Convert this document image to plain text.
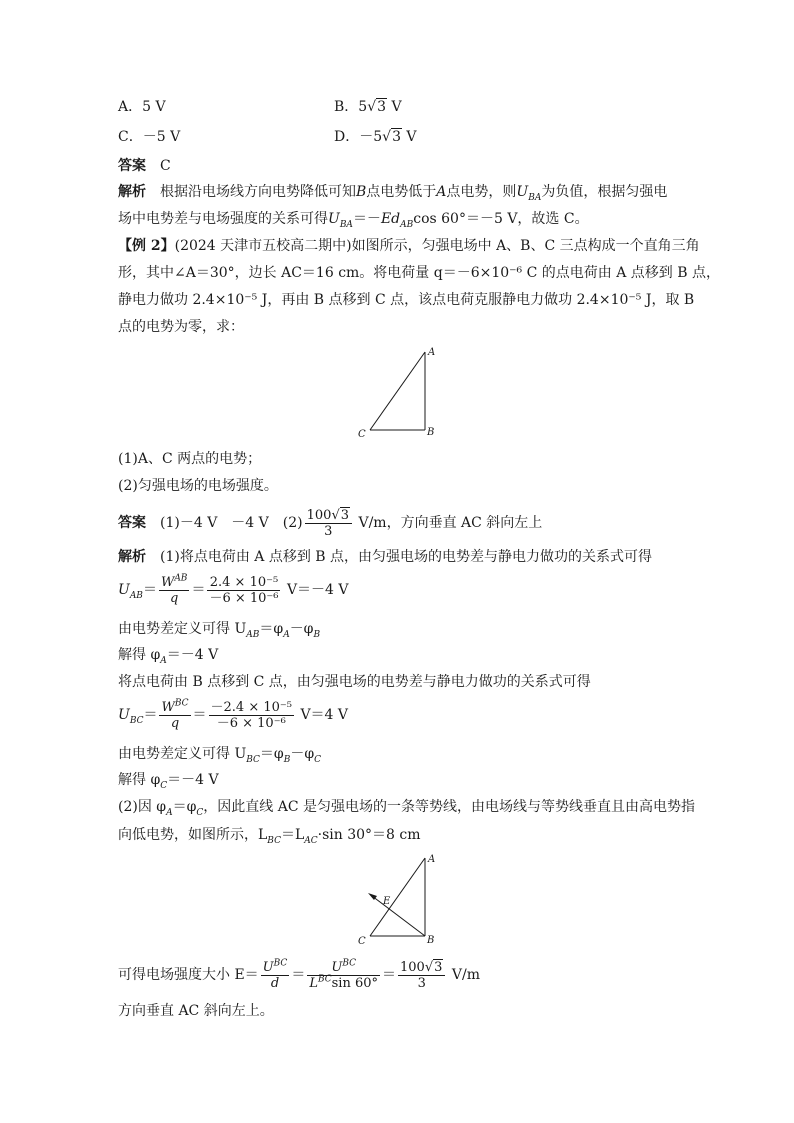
A．5 V	B．5√3 V
C．－5 V	D．－5√3 V
答案　 C
解析　 根据沿电场线方向电势降低可知B点电势低于A点电势，则$U_{BA}$为负值，根据匀强电
场中电势差与电场强度的关系可得$U_{BA}=-Ed_{AB}\cos$ 60°＝－5 V，故选 C。
【例 2】(2024 天津市五校高二期中)如图所示，匀强电场中 A、B、C 三点构成一个直角三角
形，其中∠A＝30°，边长 AC＝16 cm。将电荷量 q＝－6×10⁻⁶ C 的点电荷由 A 点移到 B 点，
静电力做功 2.4×10⁻⁵ J，再由 B 点移到 C 点，该点电荷克服静电力做功 2.4×10⁻⁵ J，取 B
点的电势为零，求：
A
B
C
(1)A、C 两点的电势；
(2)匀强电场的电场强度。
答案　 (1)－4 V　－4 V　$(2) \frac{100√3}{3} V/m$，方向垂直 AC 斜向左上
解析　 (1)将点电荷由 A 点移到 B 点，由匀强电场的电势差与静电力做功的关系式可得
$U_{AB}= \frac{W^{AB}}{q} = \frac{\text{2.4 × 10⁻⁵}}{\text{－6 × 10⁻⁶}} V=-4$ V
由电势差定义可得 $U_{AB}=\varphi_A-\varphi_B$
解得 $\varphi_A=-4$ V
将点电荷由 B 点移到 C 点，由匀强电场的电势差与静电力做功的关系式可得
$U_{BC}= \frac{W^{BC}}{q} = \frac{\text{－2.4 × 10⁻⁵}}{\text{－6 × 10⁻⁶}} V=4$ V
由电势差定义可得 $U_{BC}=\varphi_B-\varphi_C$
解得 $\varphi_C=-4$ V
(2)因 $\varphi_A=\varphi_C$，因此直线 AC 是匀强电场的一条等势线，由电场线与等势线垂直且由高电势指
向低电势，如图所示，$L_{BC}=L_{AC}\cdot\sin$ 30°＝8 cm
A
B
C
E
可得电场强度大小 $E= \frac{U^{BC}}{d} = \frac{U^{BC}}{L^{BC}\sin 60^\circ} = \frac{100√3}{3} V/m$
方向垂直 AC 斜向左上。
